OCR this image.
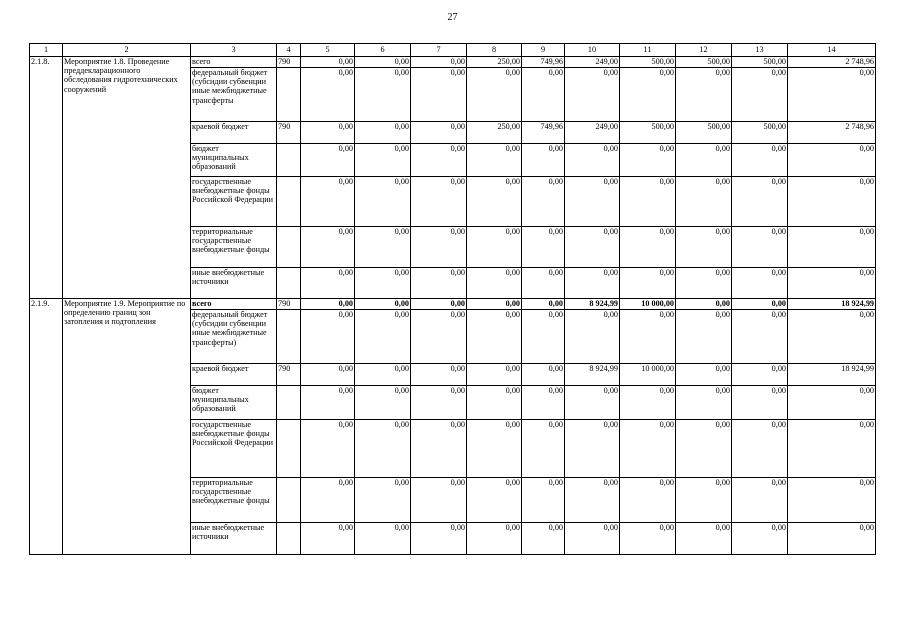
27
1	2	3	4	5	6	7	8	9	10	11	12	13	14
2.1.8.	Мероприятие 1.8. Проведение преддекларационного обследования гидротехнических сооружений	всего	790	0,00	0,00	0,00	250,00	749,96	249,00	500,00	500,00	500,00	2 748,96
		федеральный бюджет (субсидии субвенции иные межбюджетные трансферты		0,00	0,00	0,00	0,00	0,00	0,00	0,00	0,00	0,00	0,00
		краевой бюджет	790	0,00	0,00	0,00	250,00	749,96	249,00	500,00	500,00	500,00	2 748,96
		бюджет муниципальных образований		0,00	0,00	0,00	0,00	0,00	0,00	0,00	0,00	0,00	0,00
		государственные внебюджетные фонды Российской Федерации		0,00	0,00	0,00	0,00	0,00	0,00	0,00	0,00	0,00	0,00
		территориальные государственные внебюджетные фонды		0,00	0,00	0,00	0,00	0,00	0,00	0,00	0,00	0,00	0,00
		иные внебюджетные источники		0,00	0,00	0,00	0,00	0,00	0,00	0,00	0,00	0,00	0,00
2.1.9.	Мероприятие 1.9. Мероприятие по определению границ зон затопления и подтопления	всего	790	0,00	0,00	0,00	0,00	0,00	8 924,99	10 000,00	0,00	0,00	18 924,99
		федеральный бюджет (субсидии субвенции иные межбюджетные трансферты)		0,00	0,00	0,00	0,00	0,00	0,00	0,00	0,00	0,00	0,00
		краевой бюджет	790	0,00	0,00	0,00	0,00	0,00	8 924,99	10 000,00	0,00	0,00	18 924,99
		бюджет муниципальных образований		0,00	0,00	0,00	0,00	0,00	0,00	0,00	0,00	0,00	0,00
		государственные внебюджетные фонды Российской Федерации		0,00	0,00	0,00	0,00	0,00	0,00	0,00	0,00	0,00	0,00
		территориальные государственные внебюджетные фонды		0,00	0,00	0,00	0,00	0,00	0,00	0,00	0,00	0,00	0,00
		иные внебюджетные источники		0,00	0,00	0,00	0,00	0,00	0,00	0,00	0,00	0,00	0,00
